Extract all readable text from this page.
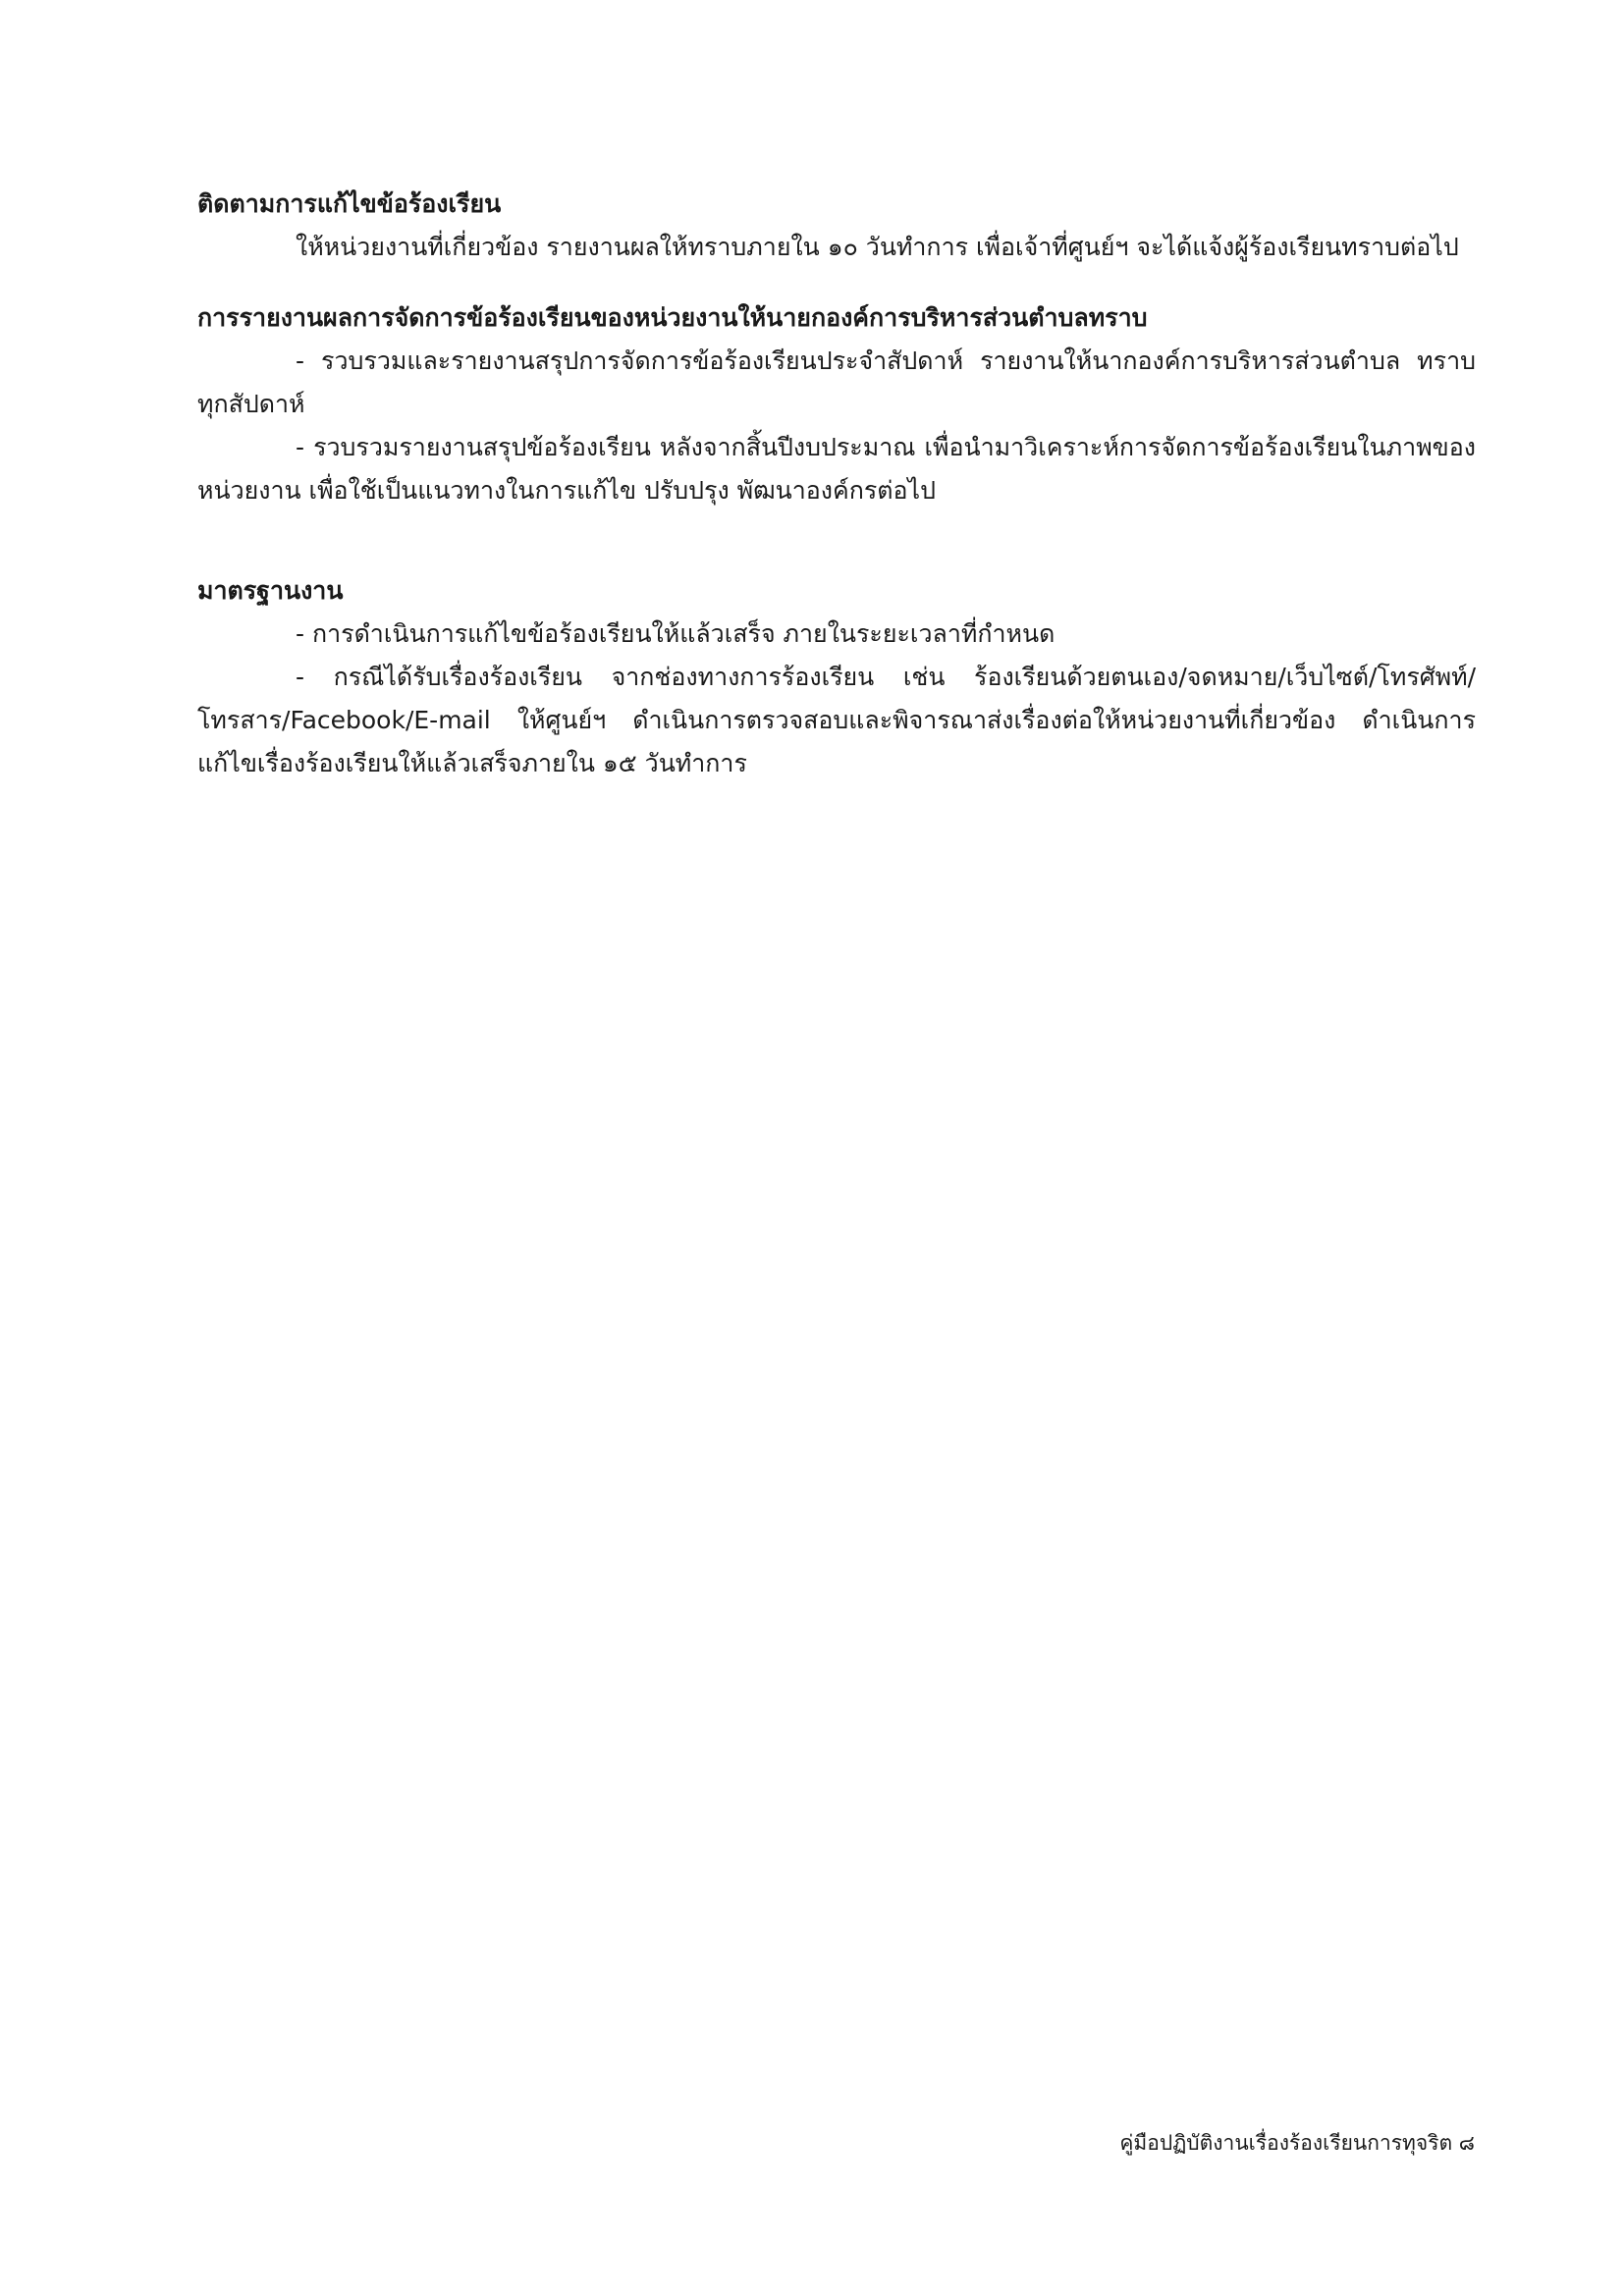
ติดตามการแก้ไขข้อร้องเรียน

ให้หน่วยงานที่เกี่ยวข้อง รายงานผลให้ทราบภายใน ๑๐ วันทำการ เพื่อเจ้าที่ศูนย์ฯ จะได้แจ้งผู้ร้องเรียนทราบต่อไป

การรายงานผลการจัดการข้อร้องเรียนของหน่วยงานให้นายกองค์การบริหารส่วนตำบลทราบ

- รวบรวมและรายงานสรุปการจัดการข้อร้องเรียนประจำสัปดาห์ รายงานให้นากองค์การบริหารส่วนตำบล ทราบทุกสัปดาห์

- รวบรวมรายงานสรุปข้อร้องเรียน หลังจากสิ้นปีงบประมาณ เพื่อนำมาวิเคราะห์การจัดการข้อร้องเรียนในภาพของหน่วยงาน เพื่อใช้เป็นแนวทางในการแก้ไข ปรับปรุง พัฒนาองค์กรต่อไป

มาตรฐานงาน

- การดำเนินการแก้ไขข้อร้องเรียนให้แล้วเสร็จ ภายในระยะเวลาที่กำหนด

- กรณีได้รับเรื่องร้องเรียน จากช่องทางการร้องเรียน เช่น ร้องเรียนด้วยตนเอง/จดหมาย/เว็บไซต์/โทรศัพท์/โทรสาร/Facebook/E-mail ให้ศูนย์ฯ ดำเนินการตรวจสอบและพิจารณาส่งเรื่องต่อให้หน่วยงานที่เกี่ยวข้อง ดำเนินการแก้ไขเรื่องร้องเรียนให้แล้วเสร็จภายใน ๑๕ วันทำการ

คู่มือปฏิบัติงานเรื่องร้องเรียนการทุจริต ๘
